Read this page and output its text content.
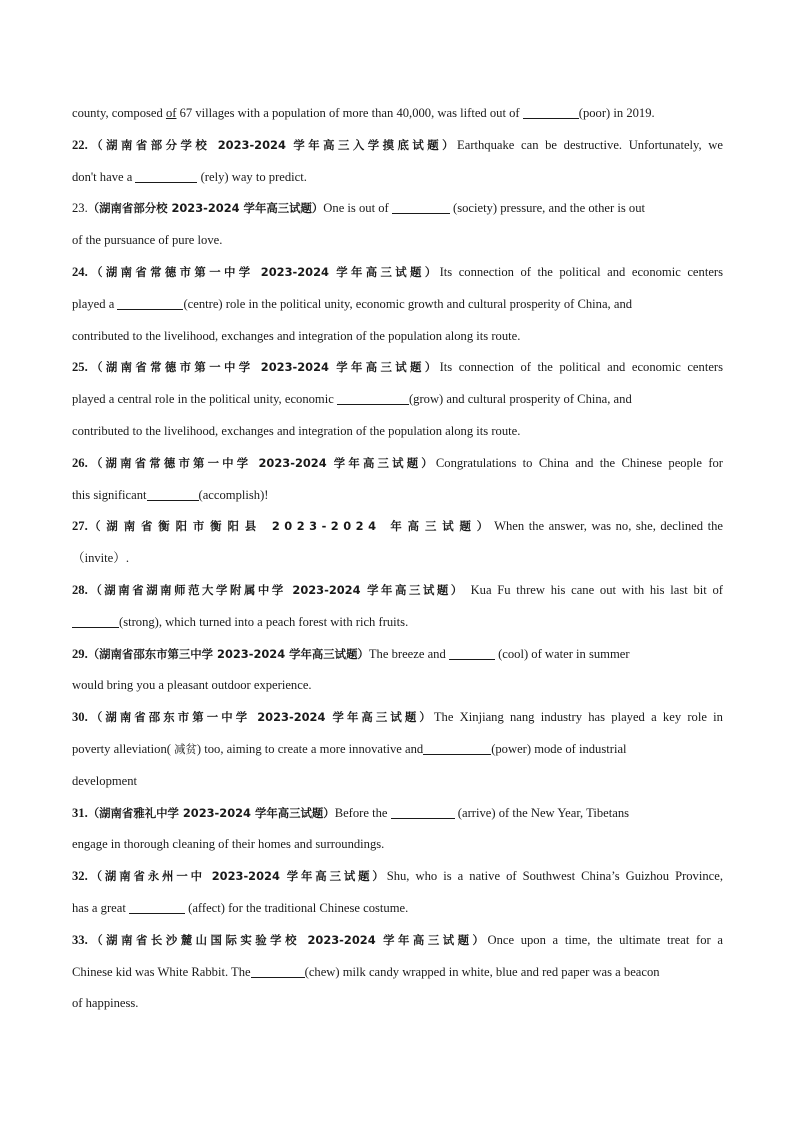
county, composed of 67 villages with a population of more than 40,000, was lifted out of	(poor) in 2019.
22.（湖南省部分学校 2023-2024 学年高三入学摸底试题）Earthquake can be destructive. Unfortunately, we
don't have a	(rely) way to predict.
23.（湖南省部分校 2023-2024 学年高三试题）One is out of	(society) pressure, and the other is out
of the pursuance of pure love.
24.（湖南省常德市第一中学 2023-2024 学年高三试题）Its connection of the political and economic centers
played a	(centre) role in the political unity, economic growth and cultural prosperity of China, and
contributed to the livelihood, exchanges and integration of the population along its route.
25.（湖南省常德市第一中学 2023-2024 学年高三试题）Its connection of the political and economic centers
played a central role in the political unity, economic	(grow) and cultural prosperity of China, and
contributed to the livelihood, exchanges and integration of the population along its route.
26.（湖南省常德市第一中学 2023-2024 学年高三试题）Congratulations to China and the Chinese people for
this significant	(accomplish)!
27.（湖南省衡阳市衡阳县 2023-2024 年高三试题）When the answer, was no, she, declined the
（invite）.
28.（湖南省湖南师范大学附属中学 2023-2024 学年高三试题） Kua Fu threw his cane out with his last bit of
(strong), which turned into a peach forest with rich fruits.
29.（湖南省邵东市第三中学 2023-2024 学年高三试题）The breeze and	(cool) of water in summer
would bring you a pleasant outdoor experience.
30.（湖南省邵东市第一中学 2023-2024 学年高三试题）The Xinjiang nang industry has played a key role in
poverty alleviation( 减贫) too, aiming to create a more innovative and	(power) mode of industrial
development
31.（湖南省雅礼中学 2023-2024 学年高三试题）Before the	(arrive) of the New Year, Tibetans
engage in thorough cleaning of their homes and surroundings.
32.（湖南省永州一中 2023-2024 学年高三试题）Shu, who is a native of Southwest China’s Guizhou Province,
has a great	(affect) for the traditional Chinese costume.
33.（湖南省长沙麓山国际实验学校 2023-2024 学年高三试题）Once upon a time, the ultimate treat for a
Chinese kid was White Rabbit. The	(chew) milk candy wrapped in white, blue and red paper was a beacon
of happiness.
